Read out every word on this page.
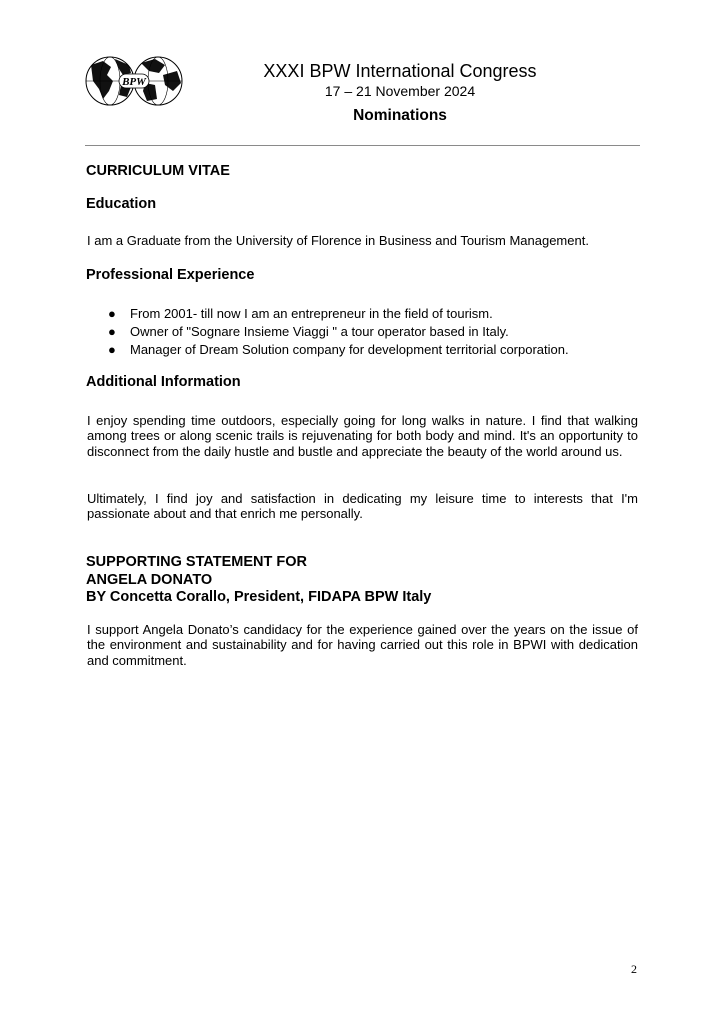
BPW
XXXI BPW International Congress
17 – 21 November 2024
Nominations
CURRICULUM VITAE
Education

I am a Graduate from the University of Florence in Business and Tourism Management.

Professional Experience
● From 2001- till now I am an entrepreneur in the field of tourism.
● Owner of "Sognare Insieme Viaggi " a tour operator based in Italy.
● Manager of Dream Solution company for development territorial corporation.
Additional Information

I enjoy spending time outdoors, especially going for long walks in nature. I find that walking among trees or along scenic trails is rejuvenating for both body and mind. It's an opportunity to disconnect from the daily hustle and bustle and appreciate the beauty of the world around us.

Ultimately, I find joy and satisfaction in dedicating my leisure time to interests that I'm passionate about and that enrich me personally.

SUPPORTING STATEMENT FOR
ANGELA DONATO
BY Concetta Corallo, President, FIDAPA BPW Italy

I support Angela Donato’s candidacy for the experience gained over the years on the issue of the environment and sustainability and for having carried out this role in BPWI with dedication and commitment.

2
